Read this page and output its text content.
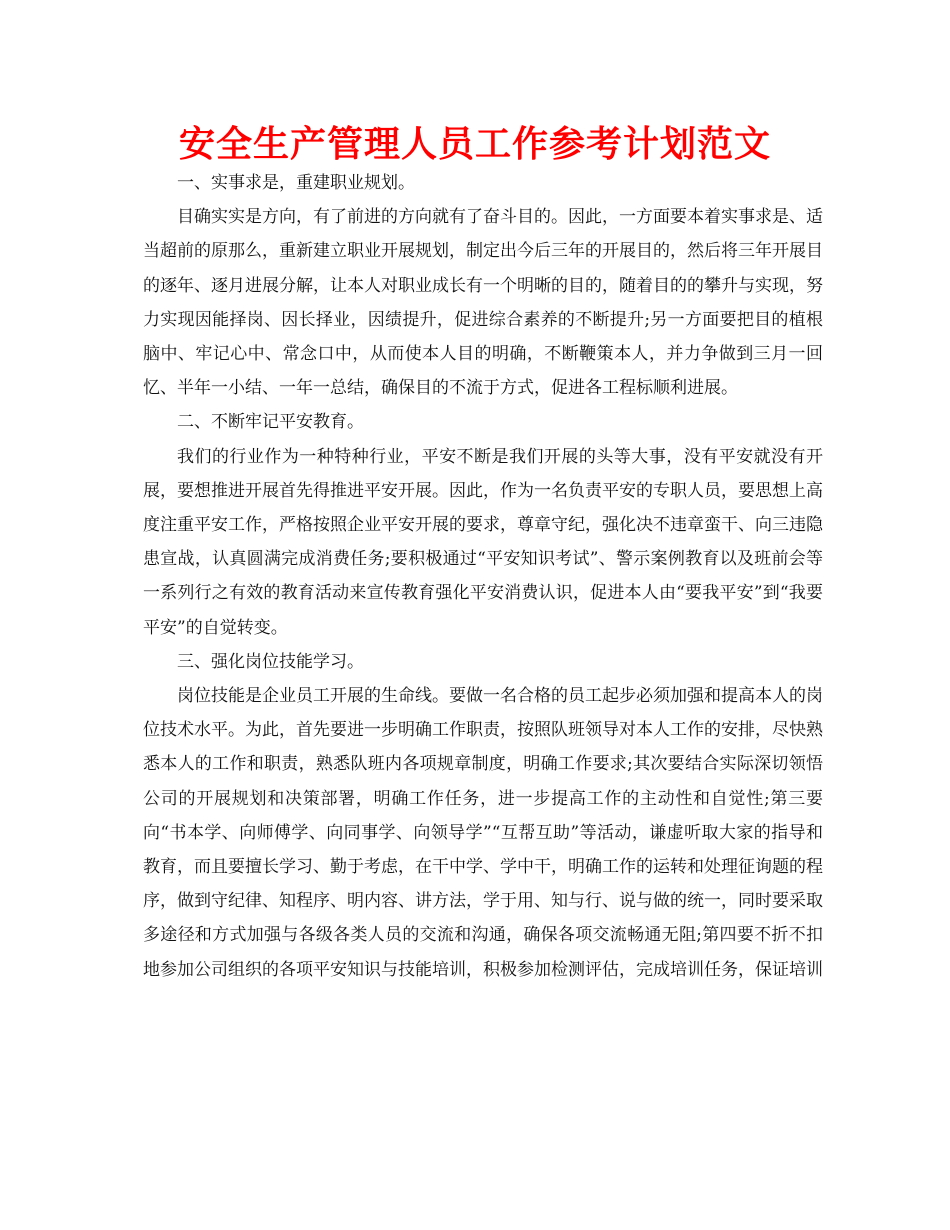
安全生产管理人员工作参考计划范文

一、实事求是，重建职业规划。

目确实实是方向，有了前进的方向就有了奋斗目的。因此，一方面要本着实事求是、适当超前的原那么，重新建立职业开展规划，制定出今后三年的开展目的，然后将三年开展目的逐年、逐月进展分解，让本人对职业成长有一个明晰的目的，随着目的的攀升与实现，努力实现因能择岗、因长择业，因绩提升，促进综合素养的不断提升;另一方面要把目的植根脑中、牢记心中、常念口中，从而使本人目的明确，不断鞭策本人，并力争做到三月一回忆、半年一小结、一年一总结，确保目的不流于方式，促进各工程标顺利进展。

二、不断牢记平安教育。

我们的行业作为一种特种行业，平安不断是我们开展的头等大事，没有平安就没有开展，要想推进开展首先得推进平安开展。因此，作为一名负责平安的专职人员，要思想上高度注重平安工作，严格按照企业平安开展的要求，尊章守纪，强化决不违章蛮干、向三违隐患宣战，认真圆满完成消费任务;要积极通过“平安知识考试”、警示案例教育以及班前会等一系列行之有效的教育活动来宣传教育强化平安消费认识，促进本人由“要我平安”到“我要平安”的自觉转变。

三、强化岗位技能学习。

岗位技能是企业员工开展的生命线。要做一名合格的员工起步必须加强和提高本人的岗位技术水平。为此，首先要进一步明确工作职责，按照队班领导对本人工作的安排，尽快熟悉本人的工作和职责，熟悉队班内各项规章制度，明确工作要求;其次要结合实际深切领悟公司的开展规划和决策部署，明确工作任务，进一步提高工作的主动性和自觉性;第三要向“书本学、向师傅学、向同事学、向领导学”“互帮互助”等活动，谦虚听取大家的指导和教育，而且要擅长学习、勤于考虑，在干中学、学中干，明确工作的运转和处理征询题的程序，做到守纪律、知程序、明内容、讲方法，学于用、知与行、说与做的统一，同时要采取多途径和方式加强与各级各类人员的交流和沟通，确保各项交流畅通无阻;第四要不折不扣地参加公司组织的各项平安知识与技能培训，积极参加检测评估，完成培训任务，保证培训
